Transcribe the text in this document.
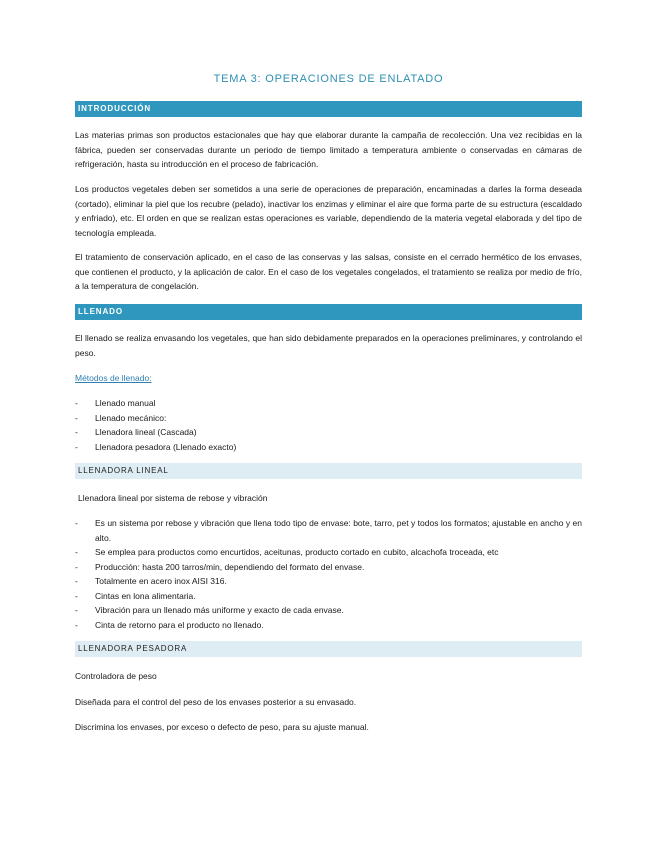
TEMA 3: OPERACIONES DE ENLATADO
INTRODUCCIÓN

Las materias primas son productos estacionales que hay que elaborar durante la campaña de recolección. Una vez recibidas en la fábrica, pueden ser conservadas durante un periodo de tiempo limitado a temperatura ambiente o conservadas en cámaras de refrigeración, hasta su introducción en el proceso de fabricación.

Los productos vegetales deben ser sometidos a una serie de operaciones de preparación, encaminadas a darles la forma deseada (cortado), eliminar la piel que los recubre (pelado), inactivar los enzimas y eliminar el aire que forma parte de su estructura (escaldado y enfriado), etc. El orden en que se realizan estas operaciones es variable, dependiendo de la materia vegetal elaborada y del tipo de tecnología empleada.

El tratamiento de conservación aplicado, en el caso de las conservas y las salsas, consiste en el cerrado hermético de los envases, que contienen el producto, y la aplicación de calor. En el caso de los vegetales congelados, el tratamiento se realiza por medio de frío, a la temperatura de congelación.

LLENADO

El llenado se realiza envasando los vegetales, que han sido debidamente preparados en la operaciones preliminares, y controlando el peso.

Métodos de llenado:
- Llenado manual
- Llenado mecánico:
- Llenadora lineal (Cascada)
- Llenadora pesadora (Llenado exacto)
LLENADORA LINEAL

Llenadora lineal por sistema de rebose y vibración

- Es un sistema por rebose y vibración que llena todo tipo de envase: bote, tarro, pet y todos los formatos; ajustable en ancho y en alto.
- Se emplea para productos como encurtidos, aceitunas, producto cortado en cubito, alcachofa troceada, etc
- Producción: hasta 200 tarros/min, dependiendo del formato del envase.
- Totalmente en acero inox AISI 316.
- Cintas en lona alimentaria.
- Vibración para un llenado más uniforme y exacto de cada envase.
- Cinta de retorno para el producto no llenado.
LLENADORA PESADORA

Controladora de peso

Diseñada para el control del peso de los envases posterior a su envasado.

Discrimina los envases, por exceso o defecto de peso, para su ajuste manual.
